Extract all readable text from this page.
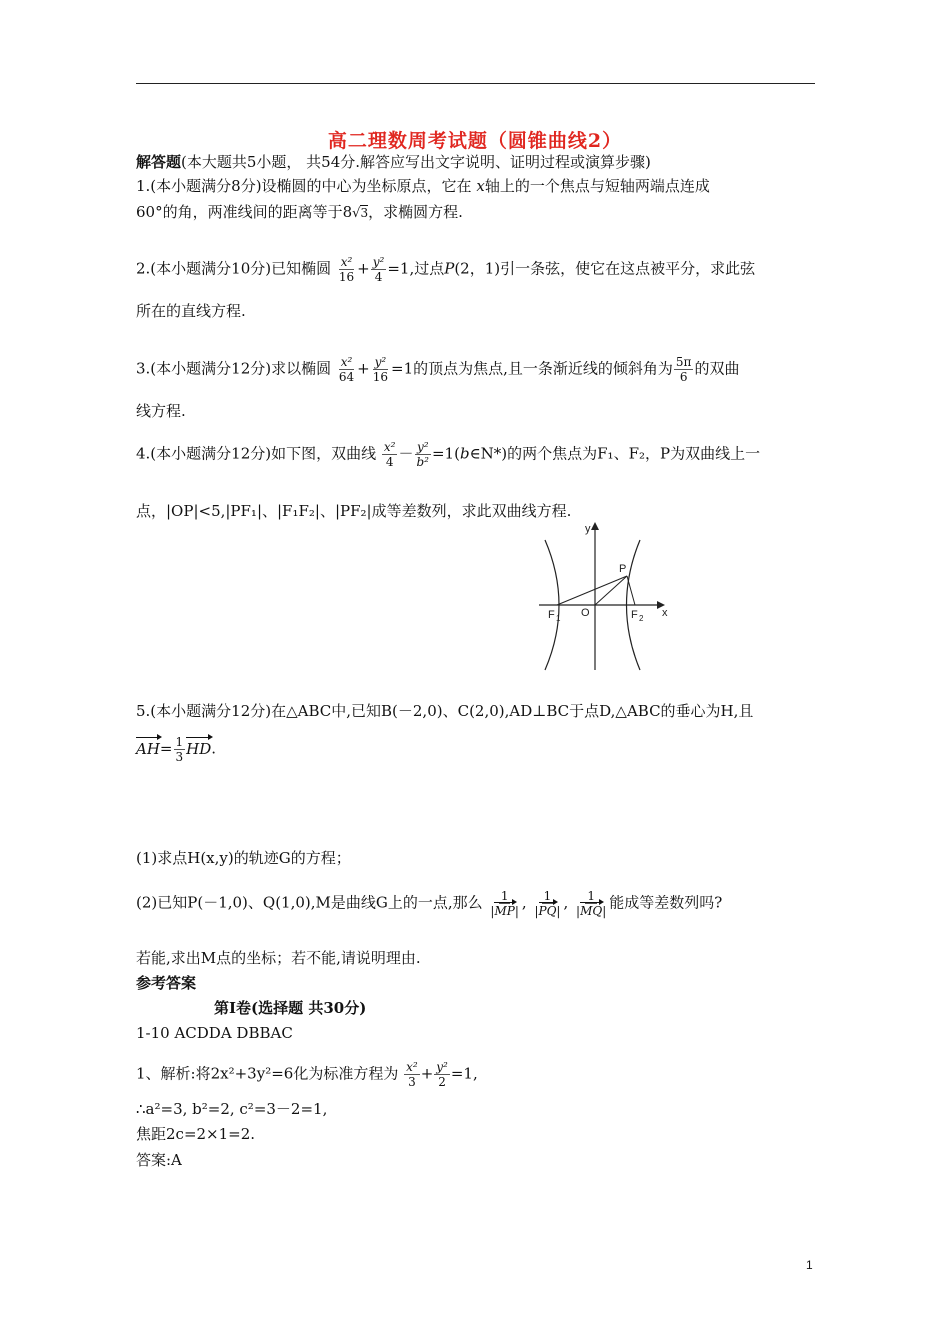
高二理数周考试题（圆锥曲线2）
解答题(本大题共5小题， 共54分.解答应写出文字说明、证明过程或演算步骤)
1.(本小题满分8分)设椭圆的中心为坐标原点，它在 x轴上的一个焦点与短轴两端点连成
60°的角，两准线间的距离等于8√3，求椭圆方程.
2.(本小题满分10分)已知椭圆 $\frac{\text{x²}}{16} + \frac{\text{y²}}{4} =1$,过点P(2，1)引一条弦，使它在这点被平分，求此弦
所在的直线方程.
3.(本小题满分12分)求以椭圆 $\frac{\text{x²}}{64} + \frac{\text{y²}}{16} =1$的顶点为焦点,且一条渐近线的倾斜角为 $\frac{5\pi}{6}$ 的双曲
线方程.
4.(本小题满分12分)如下图，双曲线 $\frac{\text{x²}}{4} - \frac{\text{y²}}{\text{b²}}$ =1(b∈N*)的两个焦点为F₁、F₂，P为双曲线上一
点，|OP|<5,|PF₁|、|F₁F₂|、|PF₂|成等差数列，求此双曲线方程.
y
x
P
O
F 1	F 2
5.(本小题满分12分)在△ABC中,已知B(－2,0)、C(2,0),AD⊥BC于点D,△ABC的垂心为H,且
$AH= \frac{1}{3}$ HD.
(1)求点H(x,y)的轨迹G的方程；
(2)已知P(－1,0)、Q(1,0),M是曲线G上的一点,那么 $\frac{1}{|MP|}$ , $\frac{1}{|PQ|}$ , $\frac{1}{|MQ|}$ 能成等差数列吗?
若能,求出M点的坐标；若不能,请说明理由.
参考答案
第Ⅰ卷(选择题 共30分)
1-10 ACDDA DBBAC
1、解析:将2x²+3y²=6化为标准方程为 $\frac{\text{x²}}{3} + \frac{\text{y²}}{2} =1$,
∴a²=3, b²=2, c²=3－2=1,
焦距2c=2×1=2.
答案:A
1
